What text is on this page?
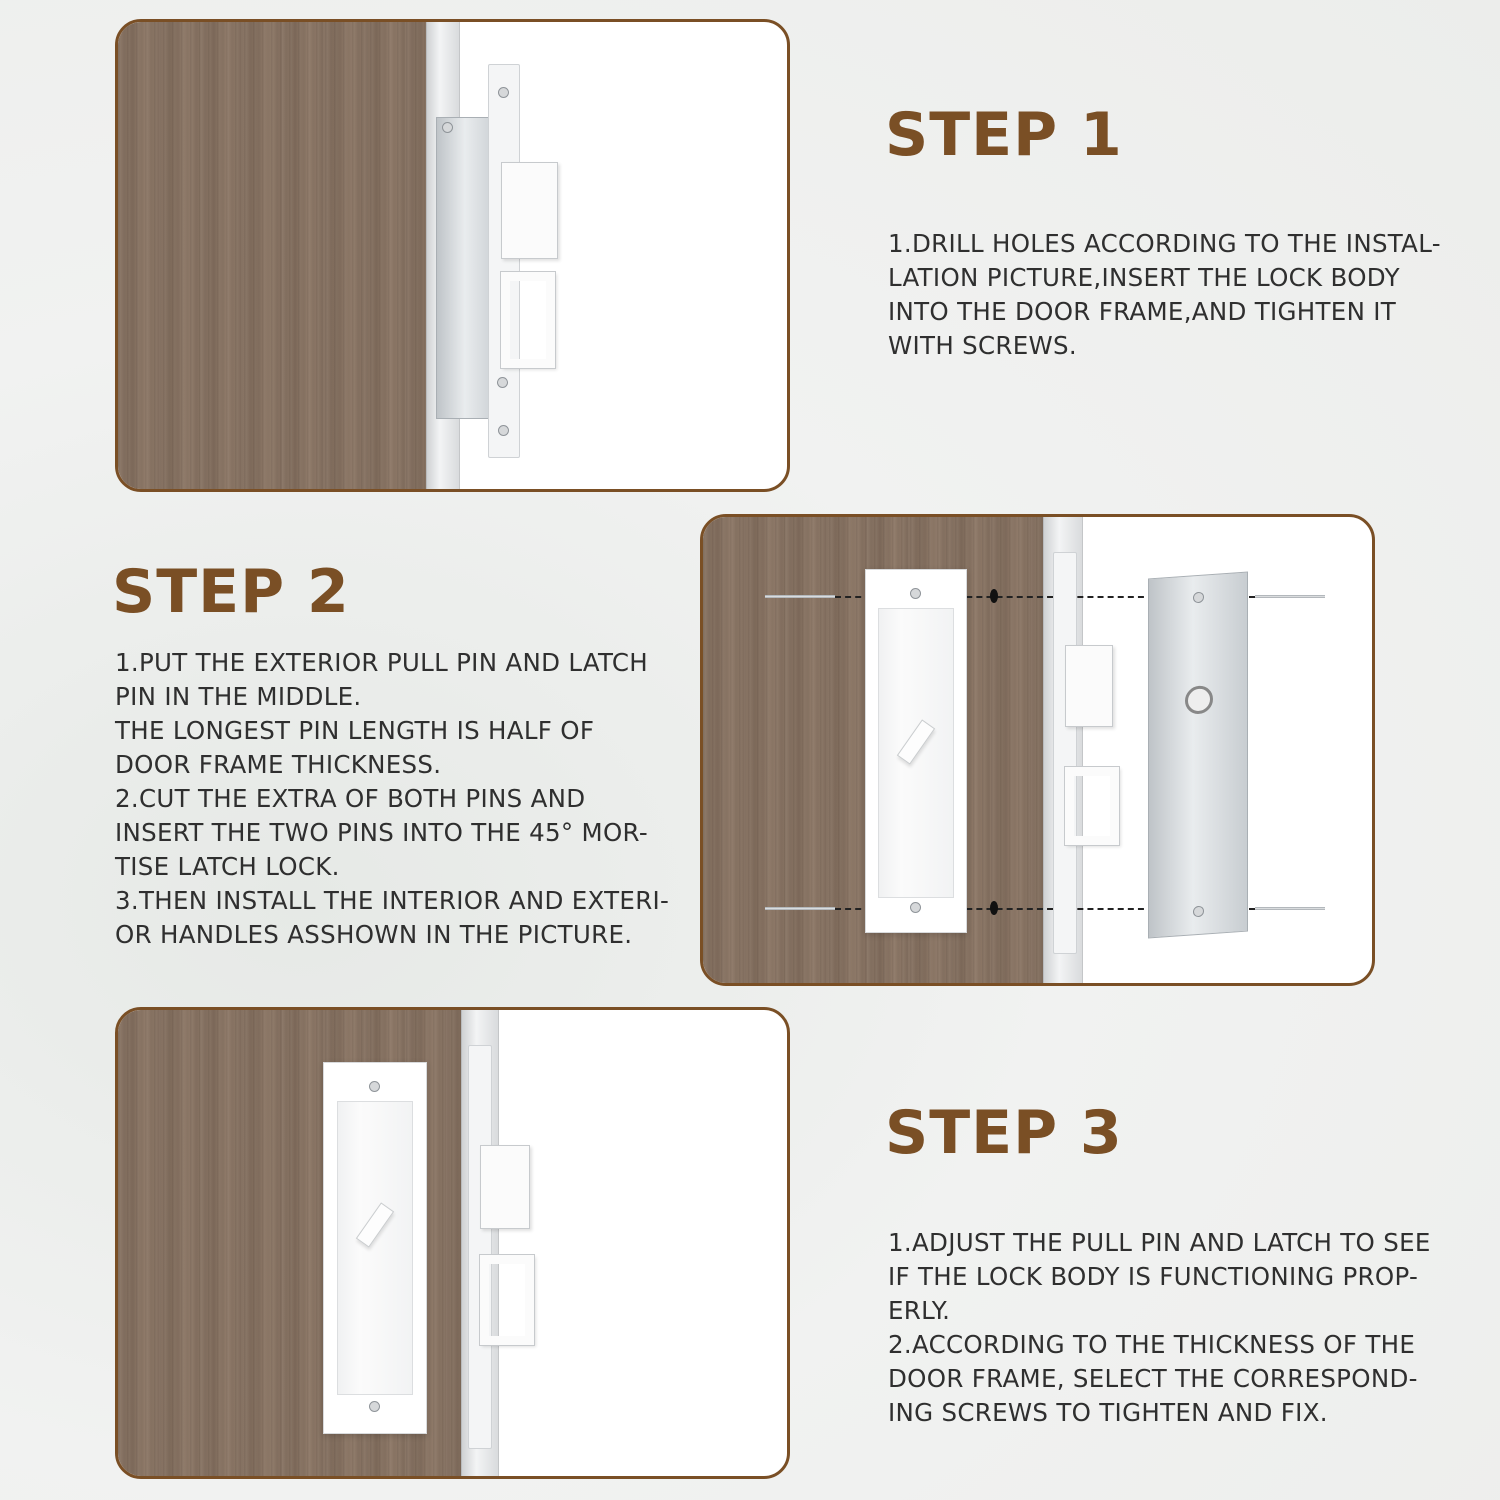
STEP 1
1.DRILL HOLES ACCORDING TO THE INSTAL-
LATION PICTURE,INSERT THE LOCK BODY
INTO THE DOOR FRAME,AND TIGHTEN IT
WITH SCREWS.
STEP 2
1.PUT THE EXTERIOR PULL PIN AND LATCH
PIN IN THE MIDDLE.
THE LONGEST PIN LENGTH IS HALF OF
DOOR FRAME THICKNESS.
2.CUT THE EXTRA OF BOTH PINS AND
INSERT THE TWO PINS INTO THE 45° MOR-
TISE LATCH LOCK.
3.THEN INSTALL THE INTERIOR AND EXTERI-
OR HANDLES ASSHOWN IN THE PICTURE.
STEP 3
1.ADJUST THE PULL PIN AND LATCH TO SEE
IF THE LOCK BODY IS FUNCTIONING PROP-
ERLY.
2.ACCORDING TO THE THICKNESS OF THE
DOOR FRAME, SELECT THE CORRESPOND-
ING SCREWS TO TIGHTEN AND FIX.
